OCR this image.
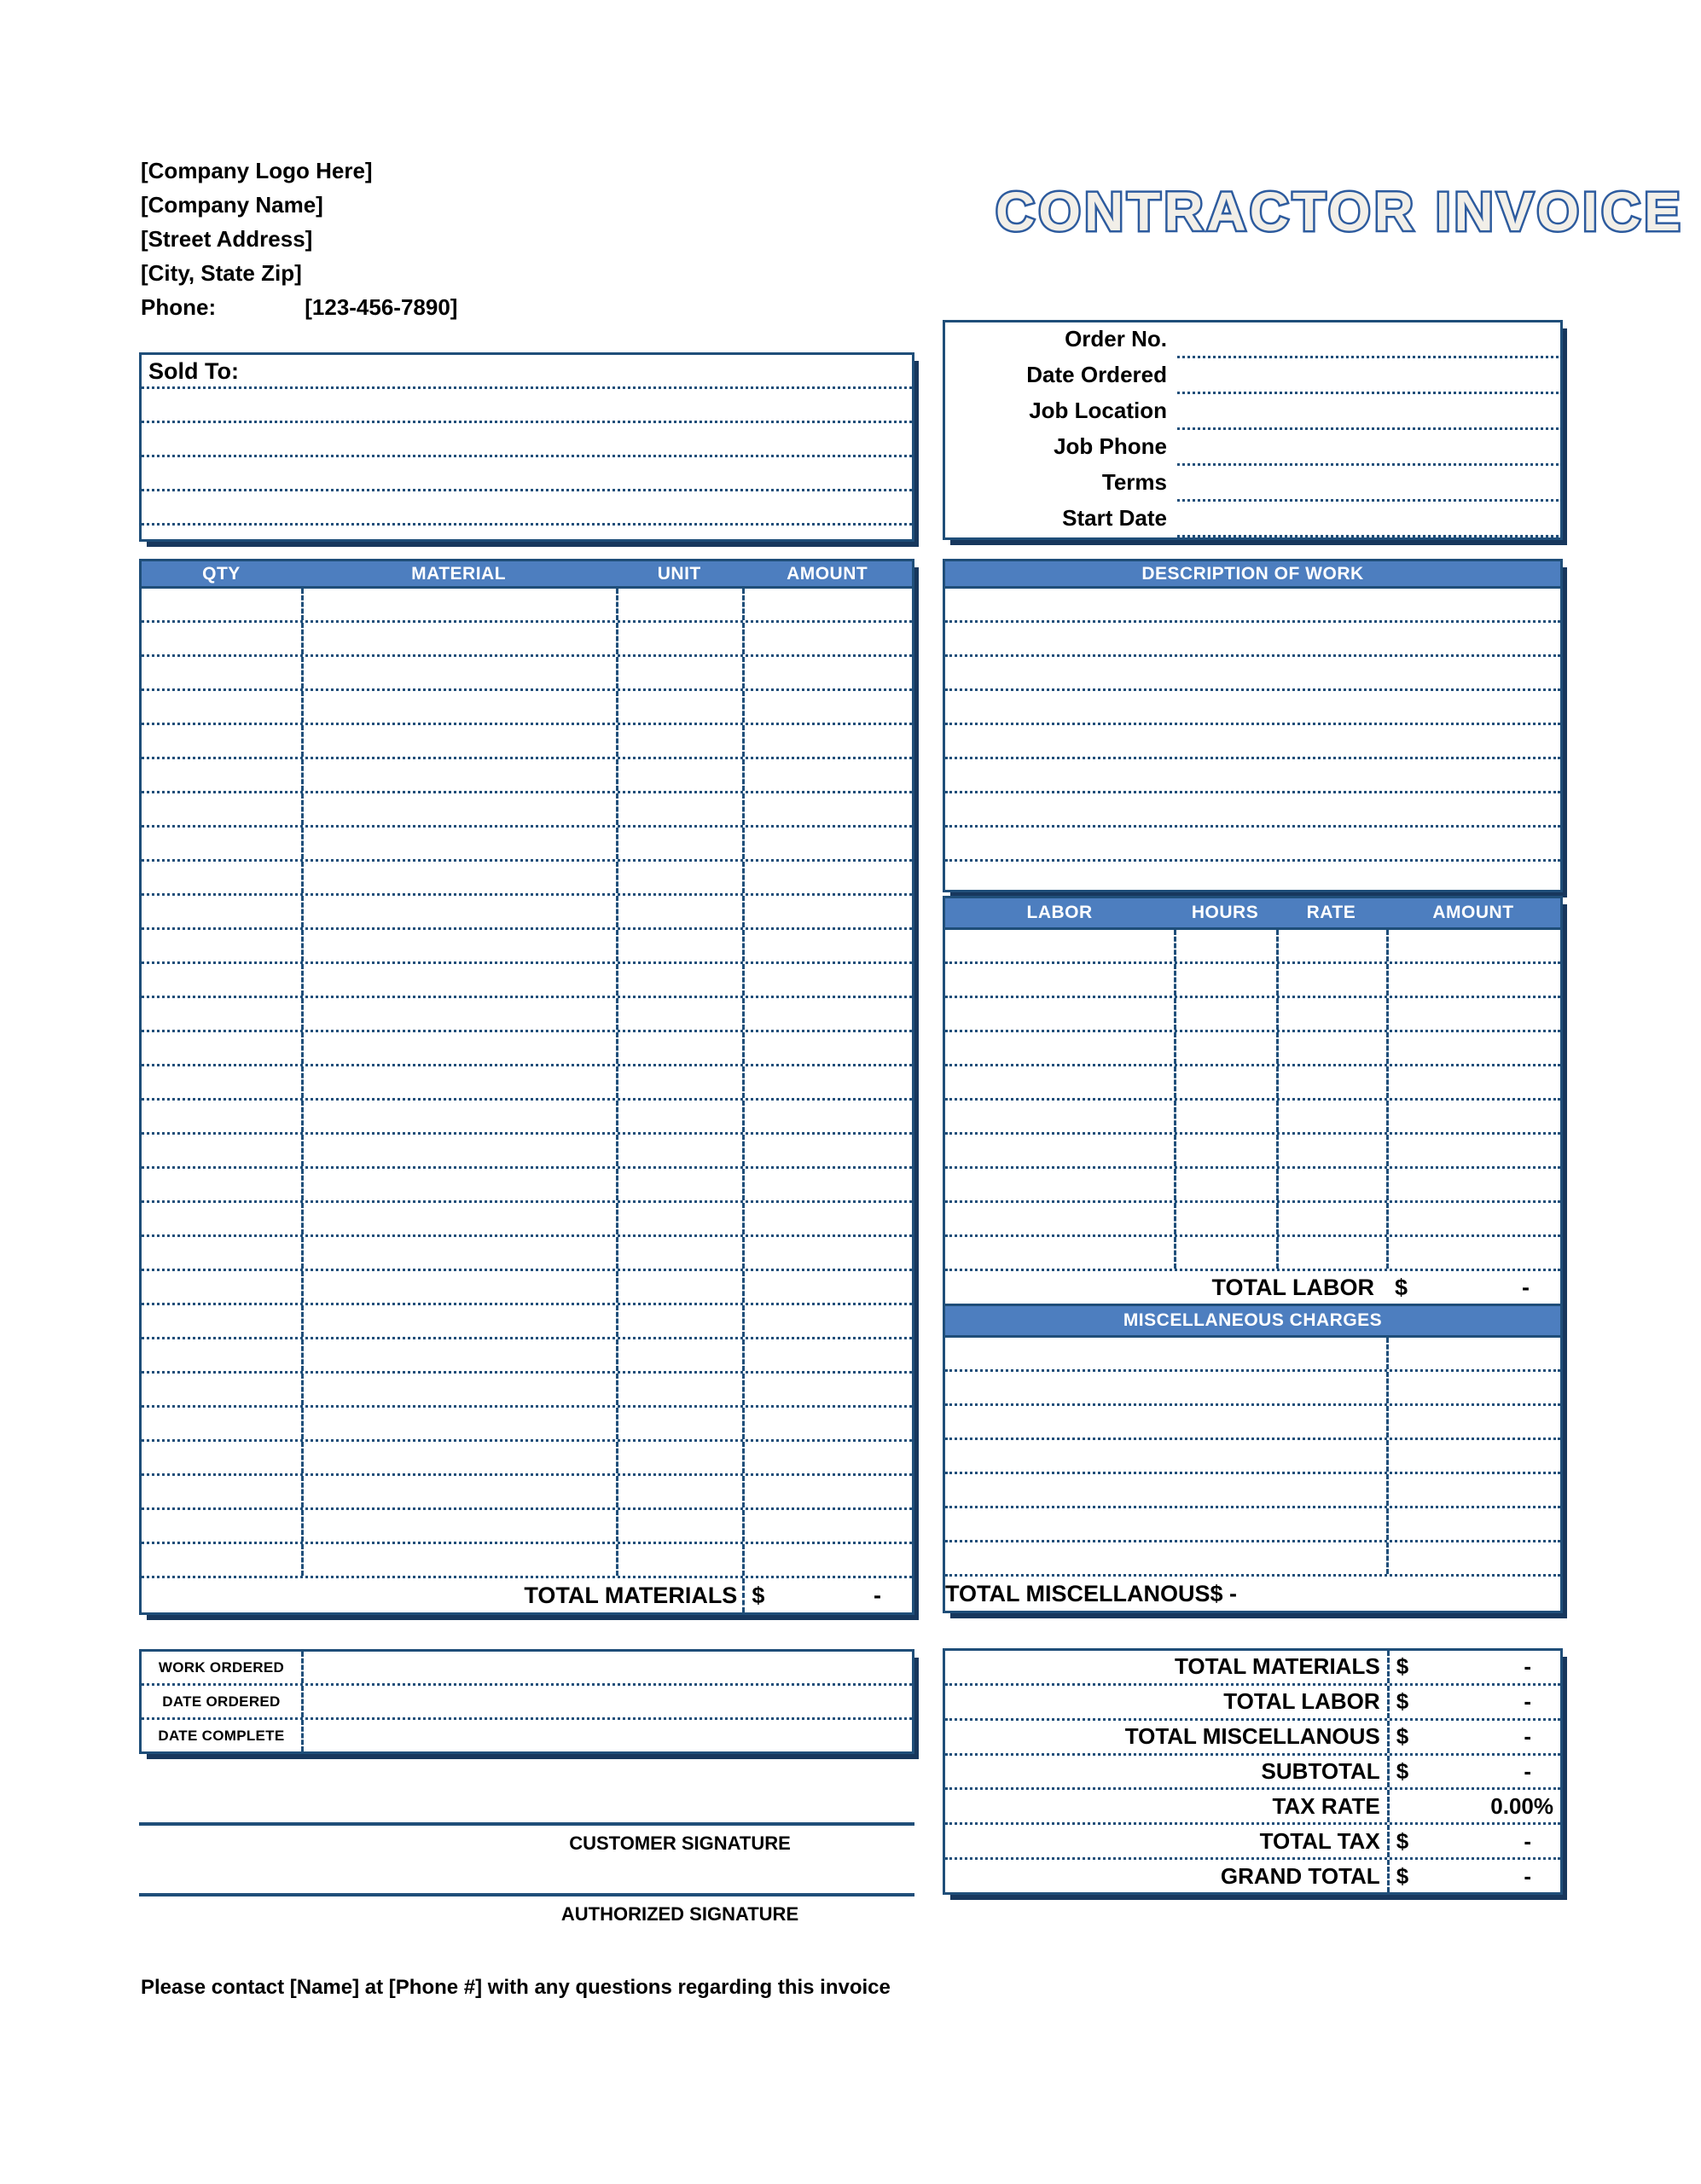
[Company Logo Here]
[Company Name]
[Street Address]
[City, State Zip]
Phone:	[123-456-7890]
CONTRACTOR INVOICE
Order No.
Date Ordered
Job Location
Job Phone
Terms
Start Date
Sold To:
QTY	MATERIAL	UNIT	AMOUNT
TOTAL MATERIALS $	-
DESCRIPTION OF WORK
LABOR	HOURS	RATE	AMOUNT
TOTAL LABOR $	-
MISCELLANEOUS CHARGES
TOTAL MISCELLANOUS $ -
WORK ORDERED
DATE ORDERED
DATE COMPLETE
CUSTOMER SIGNATURE
AUTHORIZED SIGNATURE
TOTAL MATERIALS $	-
TOTAL LABOR $	-
TOTAL MISCELLANOUS $	-
SUBTOTAL $	-
TAX RATE	0.00%
TOTAL TAX $	-
GRAND TOTAL $	-
Please contact [Name] at [Phone #] with any questions regarding this invoice
